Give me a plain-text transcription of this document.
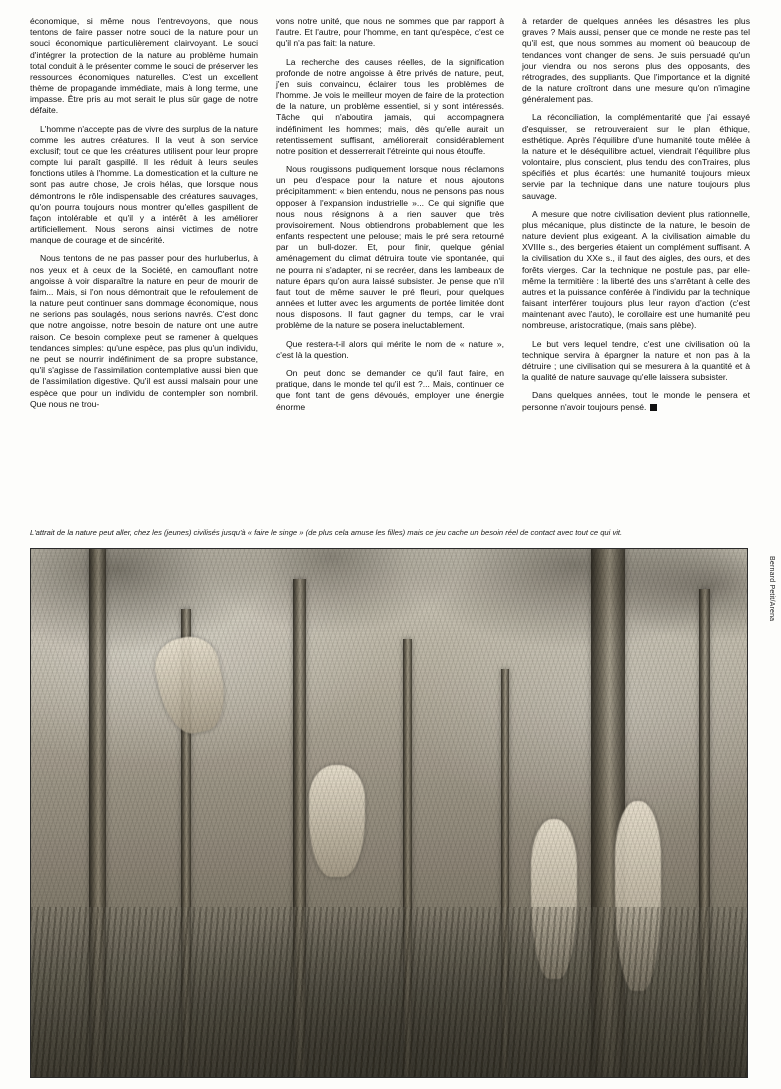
économique, si même nous l'entrevoyons, que nous tentons de faire passer notre souci de la nature pour un souci économique particulièrement clairvoyant. Le souci d'intégrer la protection de la nature au problème humain total conduit à le présenter comme le souci de préserver les ressources économiques naturelles. C'est un excellent thème de propagande immédiate, mais à long terme, une impasse. Être pris au mot serait le plus sûr gage de notre défaite.

L'homme n'accepte pas de vivre des surplus de la nature comme les autres créatures. Il la veut à son service exclusif; tout ce que les créatures utilisent pour leur propre compte lui paraît gaspillé. Il les réduit à leurs seules fonctions utiles à l'homme. La domestication et la culture ne sont pas autre chose, Je crois hélas, que lorsque nous démontrons le rôle indispensable des créatures sauvages, qu'on pourra toujours nous montrer qu'elles gaspillent de façon intolérable et qu'il y a intérêt à les améliorer artificiellement. Nous serons ainsi victimes de notre manque de courage et de sincérité.

Nous tentons de ne pas passer pour des hurluberlus, à nos yeux et à ceux de la Société, en camouflant notre angoisse à voir disparaître la nature en peur de mourir de faim... Mais, si l'on nous démontrait que le refoulement de la nature peut continuer sans dommage économique, nous ne serions pas soulagés, nous serions navrés. C'est donc que notre angoisse, notre besoin de nature ont une autre raison. Ce besoin complexe peut se ramener à quelques tendances simples: qu'une espèce, pas plus qu'un individu, ne peut se nourrir indéfiniment de sa propre substance, qu'il s'agisse de l'assimilation contemplative aussi bien que de l'assimilation digestive. Qu'il est aussi malsain pour une espèce que pour un individu de contempler son nombril. Que nous ne trou-

vons notre unité, que nous ne sommes que par rapport à l'autre. Et l'autre, pour l'homme, en tant qu'espèce, c'est ce qu'il n'a pas fait: la nature.

La recherche des causes réelles, de la signification profonde de notre angoisse à être privés de nature, peut, j'en suis convaincu, éclairer tous les problèmes de l'homme. Je vois le meilleur moyen de faire de la protection de la nature, un problème essentiel, si y sont intéressés. Tâche qui n'aboutira jamais, qui accompagnera indéfiniment les hommes; mais, dès qu'elle aurait un retentissement suffisant, améliorerait considérablement notre position et desserrerait l'étreinte qui nous étouffe.

Nous rougissons pudiquement lorsque nous réclamons un peu d'espace pour la nature et nous ajoutons précipitamment: « bien entendu, nous ne pensons pas nous opposer à l'expansion industrielle »... Ce qui signifie que nous nous résignons à a rien sauver que très provisoirement. Nous obtiendrons probablement que les enfants respectent une pelouse; mais le pré sera retourné par un bull-dozer. Et, pour finir, quelque génial aménagement du climat détruira toute vie spontanée, qui ne pourra ni s'adapter, ni se recréer, dans les lambeaux de nature épars qu'on aura laissé subsister. Je pense que n'il faut tout de même sauver le pré fleuri, pour quelques années et lutter avec les arguments de portée limitée dont nous disposons. Il faut gagner du temps, car le vrai problème de la nature se posera ineluctablement.

Que restera-t-il alors qui mérite le nom de « nature », c'est là la question.

On peut donc se demander ce qu'il faut faire, en pratique, dans le monde tel qu'il est ?... Mais, continuer ce que font tant de gens dévoués, employer une énergie énorme

à retarder de quelques années les désastres les plus graves ? Mais aussi, penser que ce monde ne reste pas tel qu'il est, que nous sommes au moment où beaucoup de tendances vont changer de sens. Je suis persuadé qu'un jour viendra ou nos serons plus des opposants, des rétrogrades, des suppliants. Que l'importance et la dignité de la nature croîtront dans une mesure qu'on n'imagine généralement pas.

La réconciliation, la complémentarité que j'ai essayé d'esquisser, se retrouveraient sur le plan éthique, esthétique. Après l'équilibre d'une humanité toute mêlée à la nature et le déséquilibre actuel, viendrait l'équilibre plus volontaire, plus conscient, plus tendu des conTraires, plus spécifiés et plus écartés: une humanité toujours mieux servie par la technique dans une nature toujours plus sauvage.

A mesure que notre civilisation devient plus rationnelle, plus mécanique, plus distincte de la nature, le besoin de nature devient plus exigeant. A la civilisation aimable du XVIIIe s., des bergeries étaient un complément suffisant. A la civilisation du XXe s., il faut des aigles, des ours, et des forêts vierges. Car la technique ne postule pas, par elle-même la termitière : la liberté des uns s'arrêtant à celle des autres et la puissance conférée à l'individu par la technique faisant interférer toujours plus leur rayon d'action (c'est maintenant avec l'auto), le corollaire est une humanité peu nombreuse, aristocratique, (mais sans plèbe).

Le but vers lequel tendre, c'est une civilisation où la technique servira à épargner la nature et non pas à la détruire ; une civilisation qui se mesurera à la quantité et à la qualité de nature sauvage qu'elle laissera subsister.

Dans quelques années, tout le monde le pensera et personne n'avoir toujours pensé.

L'attrait de la nature peut aller, chez les (jeunes) civilisés jusqu'à « faire le singe » (de plus cela amuse les filles) mais ce jeu cache un besoin réel de contact avec tout ce qui vit.
Bernard Petit/Arena
